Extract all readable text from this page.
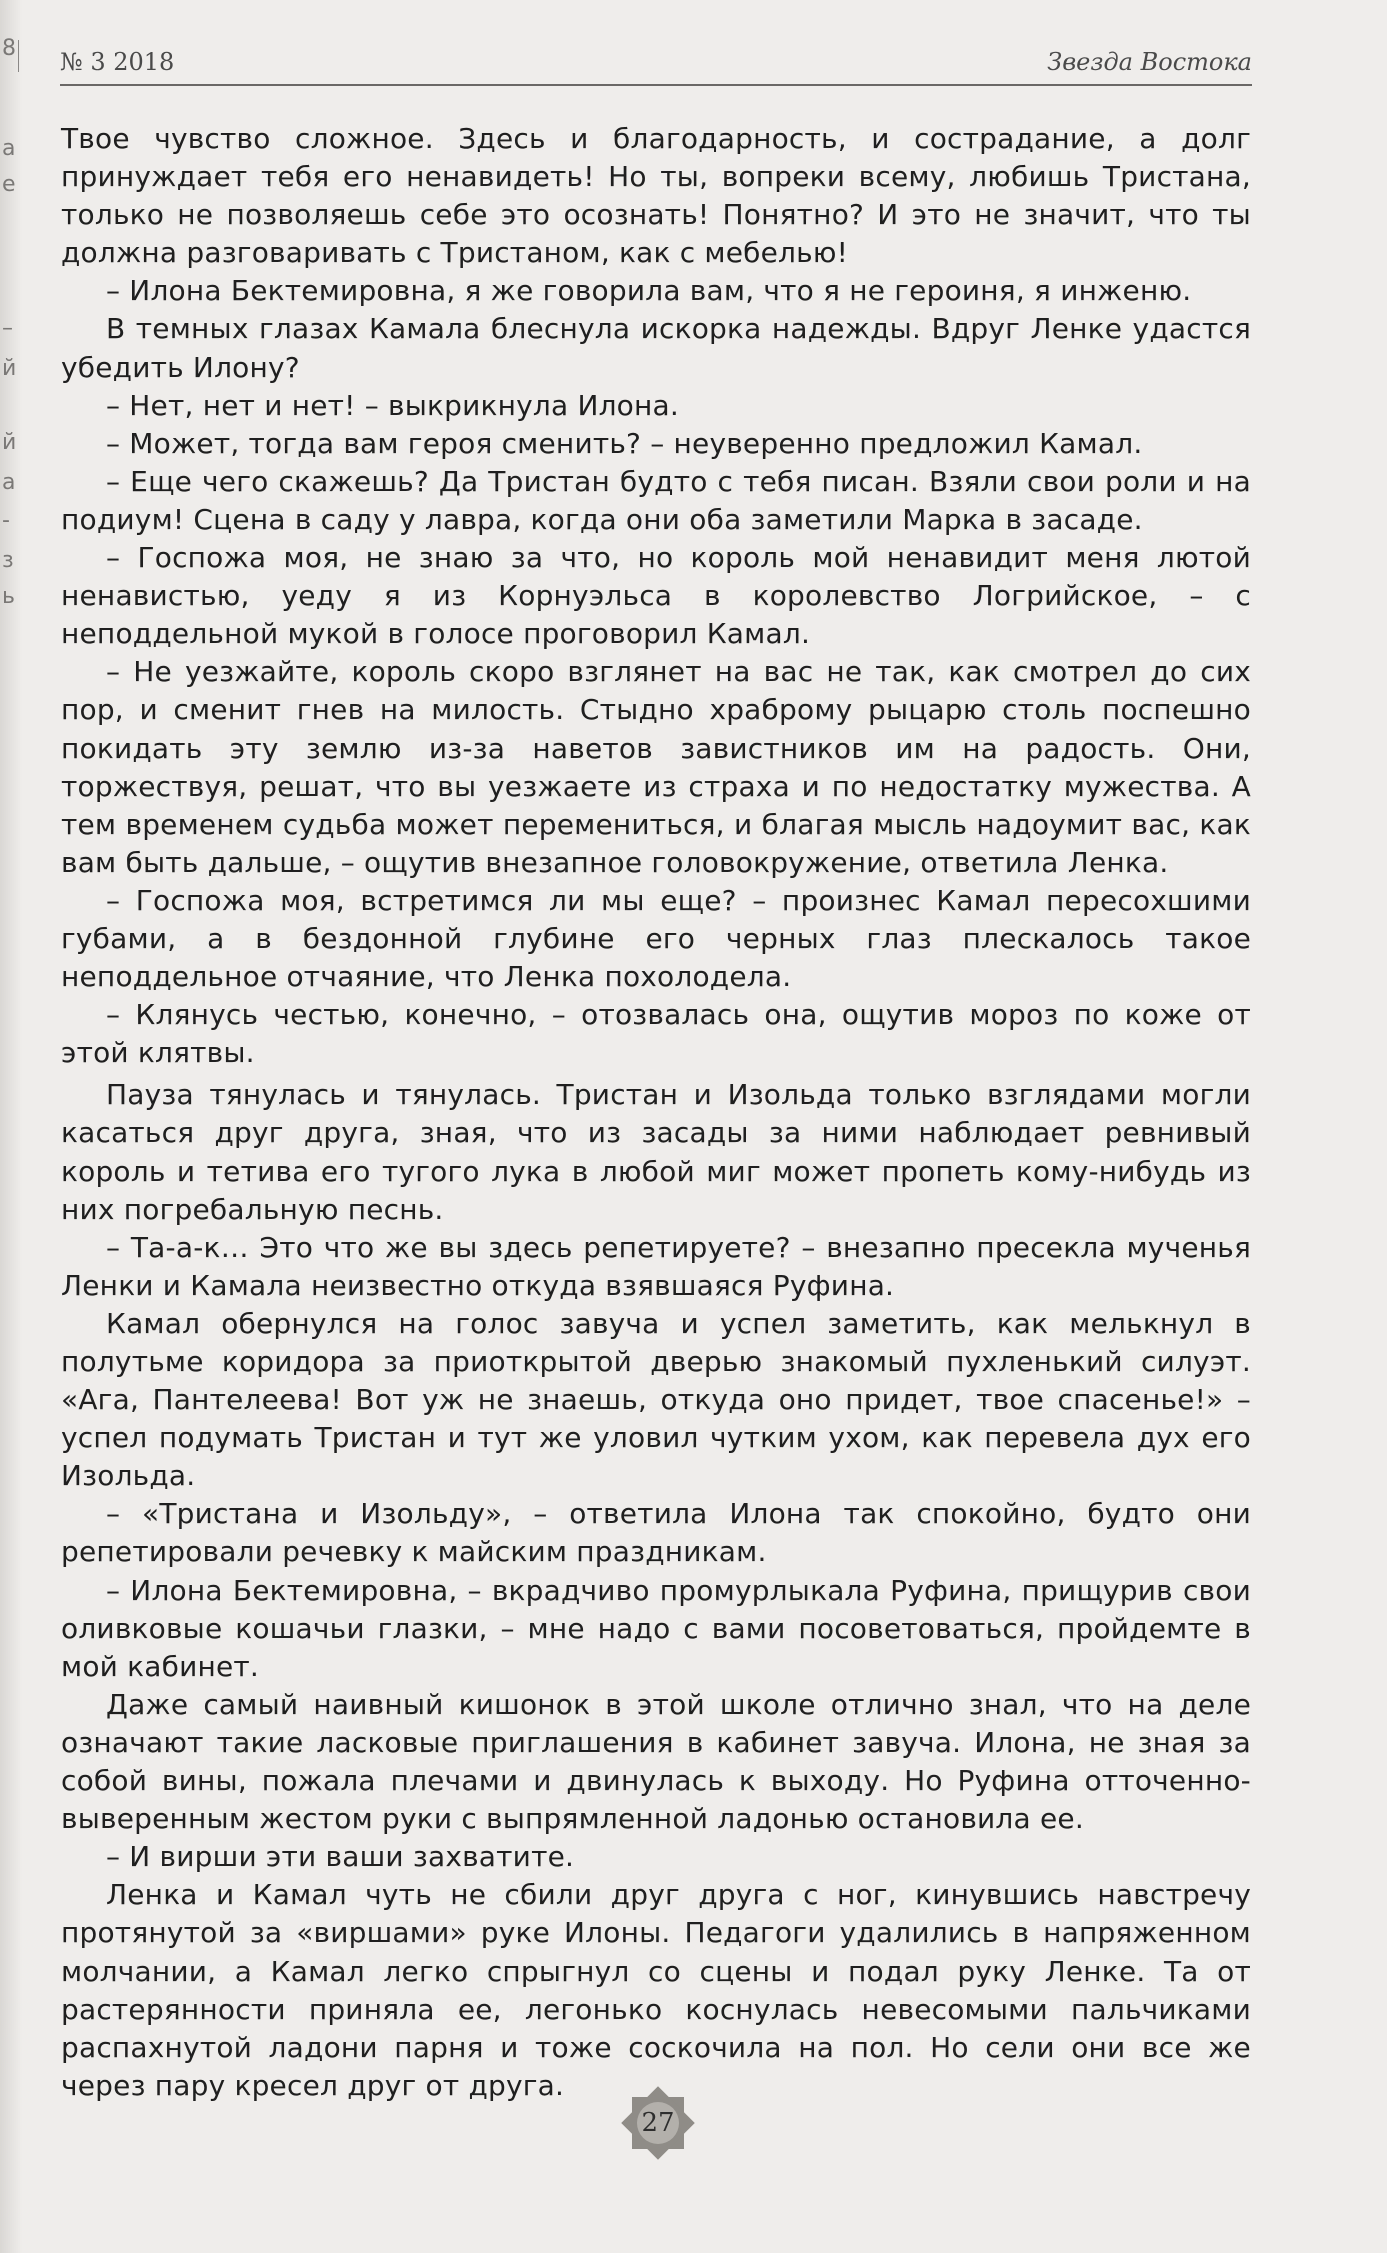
8
а
е
–
й
й
а
-
з
ь
№ 3 2018	Звезда Востока

Твое чувство сложное. Здесь и благодарность, и сострадание, а долг принуждает тебя его ненавидеть! Но ты, вопреки всему, любишь Тристана, только не позволяешь себе это осознать! Понятно? И это не значит, что ты должна разговаривать с Тристаном, как с мебелью!

– Илона Бектемировна, я же говорила вам, что я не героиня, я инженю.

В темных глазах Камала блеснула искорка надежды. Вдруг Ленке удастся убедить Илону?

– Нет, нет и нет! – выкрикнула Илона.

– Может, тогда вам героя сменить? – неуверенно предложил Камал.

– Еще чего скажешь? Да Тристан будто с тебя писан. Взяли свои роли и на подиум! Сцена в саду у лавра, когда они оба заметили Марка в засаде.

– Госпожа моя, не знаю за что, но король мой ненавидит меня лютой ненавистью, уеду я из Корнуэльса в королевство Логрийское, – с неподдельной мукой в голосе проговорил Камал.

– Не уезжайте, король скоро взглянет на вас не так, как смотрел до сих пор, и сменит гнев на милость. Стыдно храброму рыцарю столь поспешно покидать эту землю из-за наветов завистников им на радость. Они, торжествуя, решат, что вы уезжаете из страха и по недостатку мужества. А тем временем судьба может перемениться, и благая мысль надоумит вас, как вам быть дальше, – ощутив внезапное головокружение, ответила Ленка.

– Госпожа моя, встретимся ли мы еще? – произнес Камал пересохшими губами, а в бездонной глубине его черных глаз плескалось такое неподдельное отчаяние, что Ленка похолодела.

– Клянусь честью, конечно, – отозвалась она, ощутив мороз по коже от этой клятвы.

Пауза тянулась и тянулась. Тристан и Изольда только взглядами могли касаться друг друга, зная, что из засады за ними наблюдает ревнивый король и тетива его тугого лука в любой миг может пропеть кому-нибудь из них погребальную песнь.

– Та-а-к… Это что же вы здесь репетируете? – внезапно пресекла мученья Ленки и Камала неизвестно откуда взявшаяся Руфина.

Камал обернулся на голос завуча и успел заметить, как мелькнул в полутьме коридора за приоткрытой дверью знакомый пухленький силуэт. «Ага, Пантелеева! Вот уж не знаешь, откуда оно придет, твое спасенье!» – успел подумать Тристан и тут же уловил чутким ухом, как перевела дух его Изольда.

– «Тристана и Изольду», – ответила Илона так спокойно, будто они репетировали речевку к майским праздникам.

– Илона Бектемировна, – вкрадчиво промурлыкала Руфина, прищурив свои оливковые кошачьи глазки, – мне надо с вами посоветоваться, пройдемте в мой кабинет.

Даже самый наивный кишонок в этой школе отлично знал, что на деле означают такие ласковые приглашения в кабинет завуча. Илона, не зная за собой вины, пожала плечами и двинулась к выходу. Но Руфина отточенно-выверенным жестом руки с выпрямленной ладонью остановила ее.

– И вирши эти ваши захватите.

Ленка и Камал чуть не сбили друг друга с ног, кинувшись навстречу протянутой за «виршами» руке Илоны. Педагоги удалились в напряженном молчании, а Камал легко спрыгнул со сцены и подал руку Ленке. Та от растерянности приняла ее, легонько коснулась невесомыми пальчиками распахнутой ладони парня и тоже соскочила на пол. Но сели они все же через пару кресел друг от друга.

27
